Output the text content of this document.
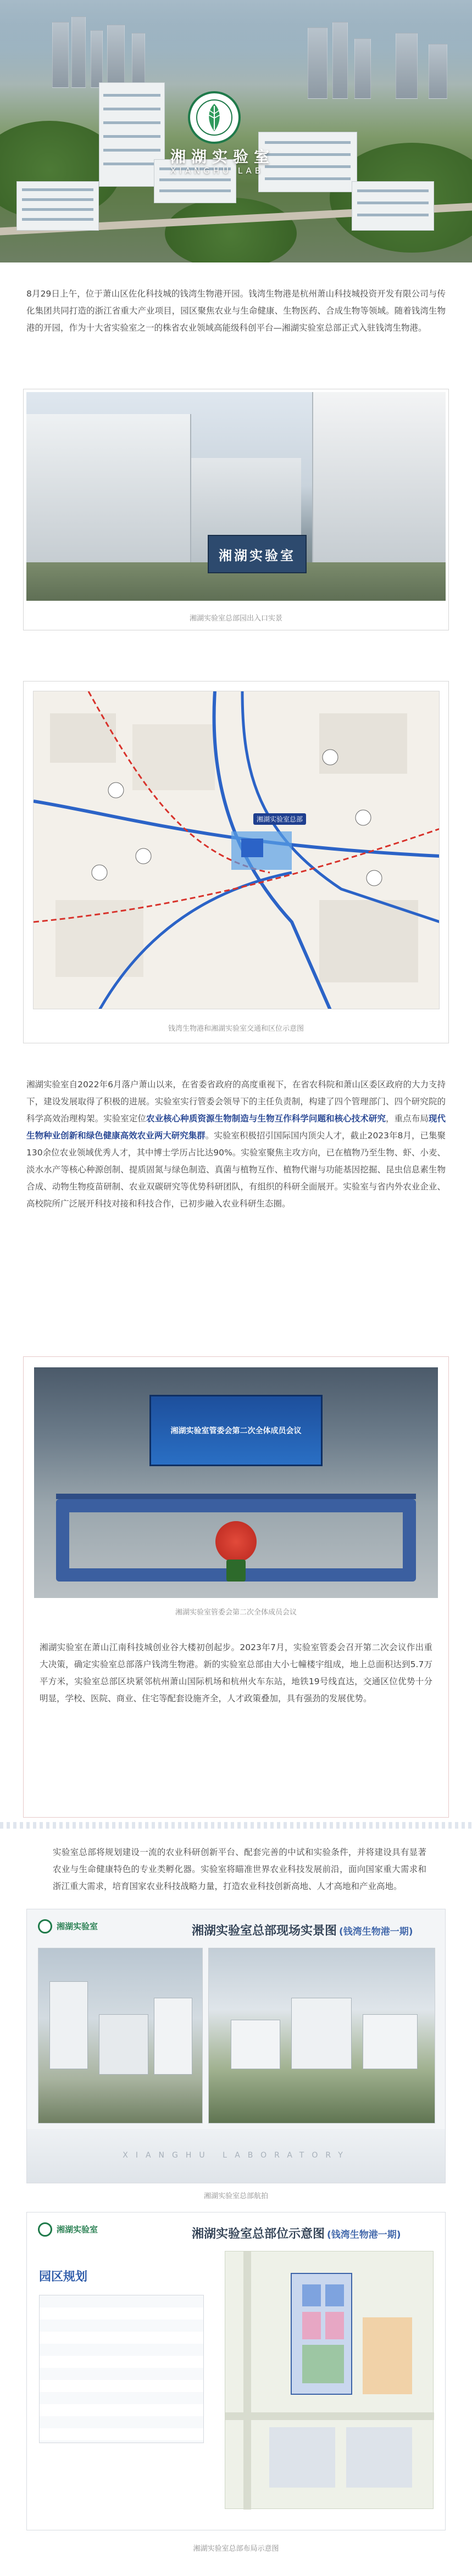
湘湖实验室
XIANGHU LAB
8月29日上午，位于萧山区佐化科技城的钱湾生物港开园。钱湾生物港是杭州萧山科技城投资开发有限公司与传化集团共同打造的浙江省重大产业项目，园区聚焦农业与生命健康、生物医药、合成生物等领域。随着钱湾生物港的开园，作为十大省实验室之一的株省农业领域高能级科创平台—湘湖实验室总部正式入驻钱湾生物港。
湘湖实验室
湘湖实验室总部园出入口实景
湘湖实验室总部
钱湾生物港和湘湖实验室交通和区位示意图
湘湖实验室自2022年6月落户萧山以来，在省委省政府的高度重视下，在省农科院和萧山区委区政府的大力支持下，建设发展取得了积极的进展。实验室实行管委会领导下的主任负责制，构建了四个管理部门、四个研究院的科学高效治理构架。实验室定位农业核心种质资源生物制造与生物互作科学问题和核心技术研究，重点布局现代生物种业创新和绿色健康高效农业两大研究集群。实验室积极招引国际国内顶尖人才，截止2023年8月，已集聚130余位农业领域优秀人才，其中博士学历占比达90%。实验室聚焦主攻方向，已在植物乃至生物、虾、小麦、淡水水产等核心种源创制、提质固氮与绿色制造、真菌与植物互作、植物代谢与功能基因挖掘、昆虫信息素生物合成、动物生物疫苗研制、农业双碳研究等优势科研团队，有组织的科研全面展开。实验室与省内外农业企业、高校院所广泛展开科技对接和科技合作，已初步融入农业科研生态圈。
湘湖实验室管委会第二次全体成员会议
湘湖实验室管委会第二次全体成员会议
湘湖实验室在萧山江南科技城创业谷大楼初创起步。2023年7月，实验室管委会召开第二次会议作出重大决策，确定实验室总部落户钱湾生物港。新的实验室总部由大小七幢楼宇组成，地上总面积达到5.7万平方米，实验室总部区块紧邻杭州萧山国际机场和杭州火车东站，地铁19号线直达，交通区位优势十分明显，学校、医院、商业、住宅等配套设施齐全，人才政策叠加，具有强劲的发展优势。
实验室总部将规划建设一流的农业科研创新平台、配套完善的中试和实验条件，并将建设具有显著农业与生命健康特色的专业类孵化器。实验室将瞄准世界农业科技发展前沿，面向国家重大需求和浙江重大需求，培育国家农业科技战略力量，打造农业科技创新高地、人才高地和产业高地。
湘湖实验室	湘湖实验室总部现场实景图 (钱湾生物港一期)
XIANGHU LABORATORY
湘湖实验室总部航拍
湘湖实验室	湘湖实验室总部位示意图 (钱湾生物港一期)
园区规划
湘湖实验室总部布局示意图
